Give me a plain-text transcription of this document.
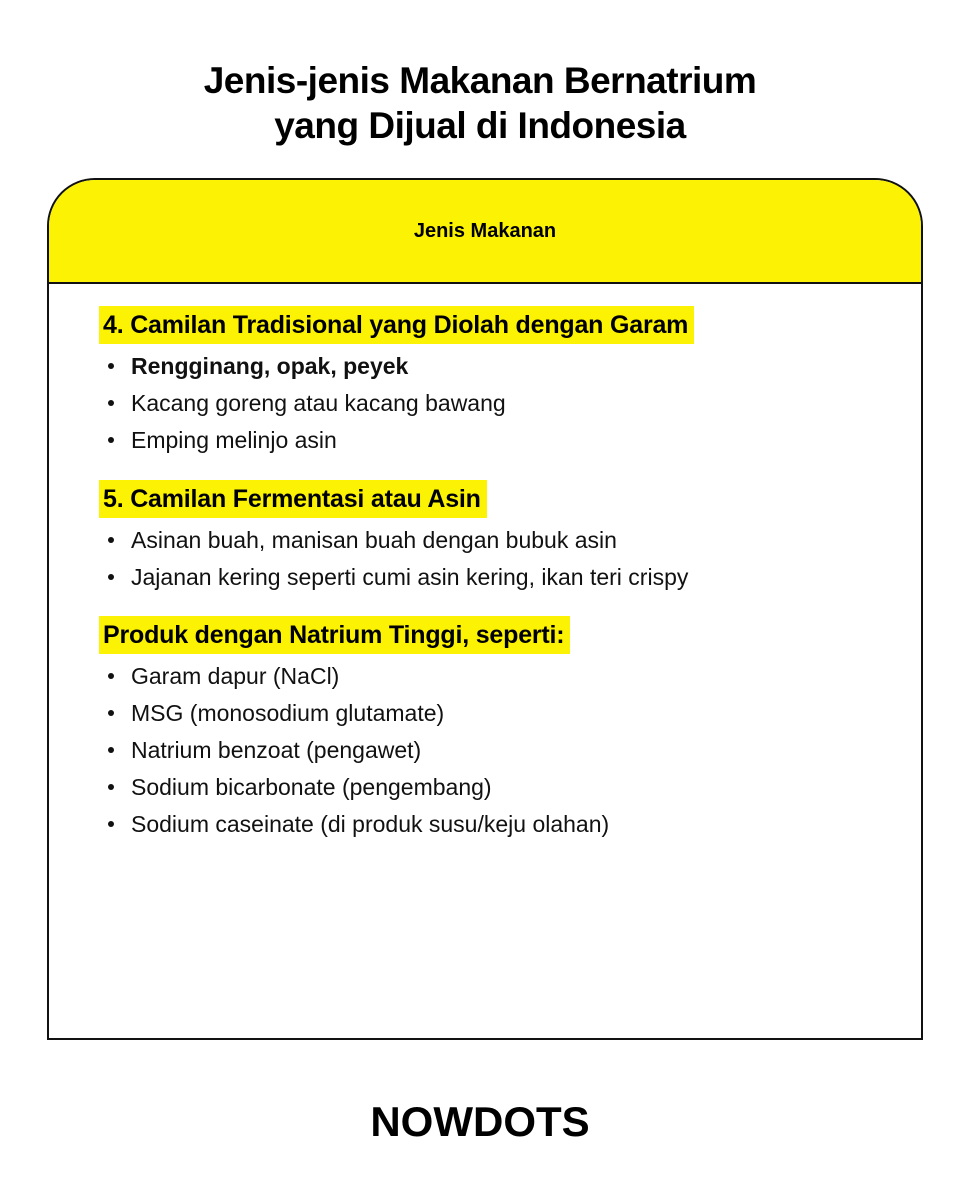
Jenis-jenis Makanan Bernatrium
yang Dijual di Indonesia
Jenis Makanan
4. Camilan Tradisional yang Diolah dengan Garam
Rengginang, opak, peyek
Kacang goreng atau kacang bawang
Emping melinjo asin
5. Camilan Fermentasi atau Asin
Asinan buah, manisan buah dengan bubuk asin
Jajanan kering seperti cumi asin kering, ikan teri crispy
Produk dengan Natrium Tinggi, seperti:
Garam dapur (NaCl)
MSG (monosodium glutamate)
Natrium benzoat (pengawet)
Sodium bicarbonate (pengembang)
Sodium caseinate (di produk susu/keju olahan)
NOWDOTS
